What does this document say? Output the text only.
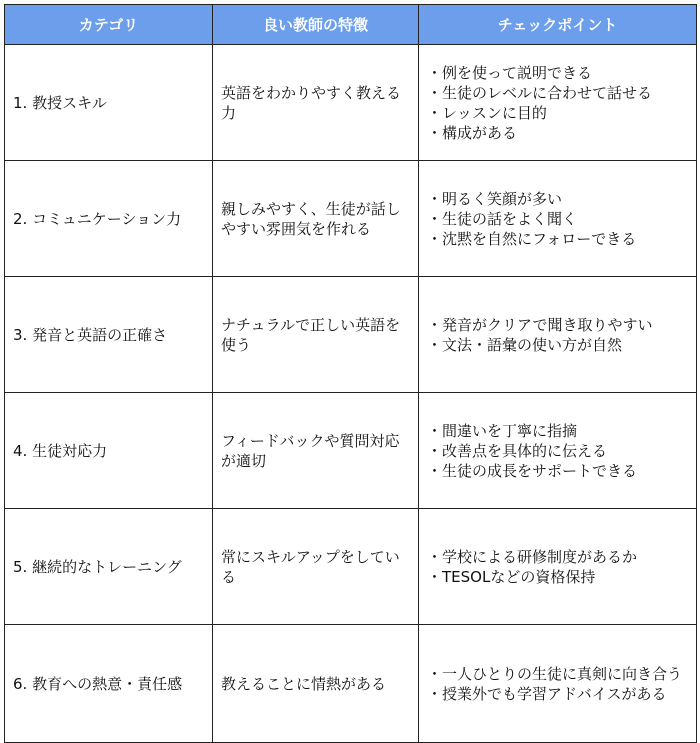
カテゴリ	良い教師の特徴	チェックポイント
1. 教授スキル	英語をわかりやすく教える力	・例を使って説明できる
・生徒のレベルに合わせて話せる
・レッスンに目的
・構成がある

2. コミュニケーション力	親しみやすく、生徒が話しやすい雰囲気を作れる	・明るく笑顔が多い
・生徒の話をよく聞く
・沈黙を自然にフォローできる

3. 発音と英語の正確さ	ナチュラルで正しい英語を使う	・発音がクリアで聞き取りやすい
・文法・語彙の使い方が自然

4. 生徒対応力	フィードバックや質問対応が適切	・間違いを丁寧に指摘
・改善点を具体的に伝える
・生徒の成長をサポートできる

5. 継続的なトレーニング	常にスキルアップをしている	・学校による研修制度があるか
・TESOLなどの資格保持

6. 教育への熱意・責任感	教えることに情熱がある	・一人ひとりの生徒に真剣に向き合う
・授業外でも学習アドバイスがある
